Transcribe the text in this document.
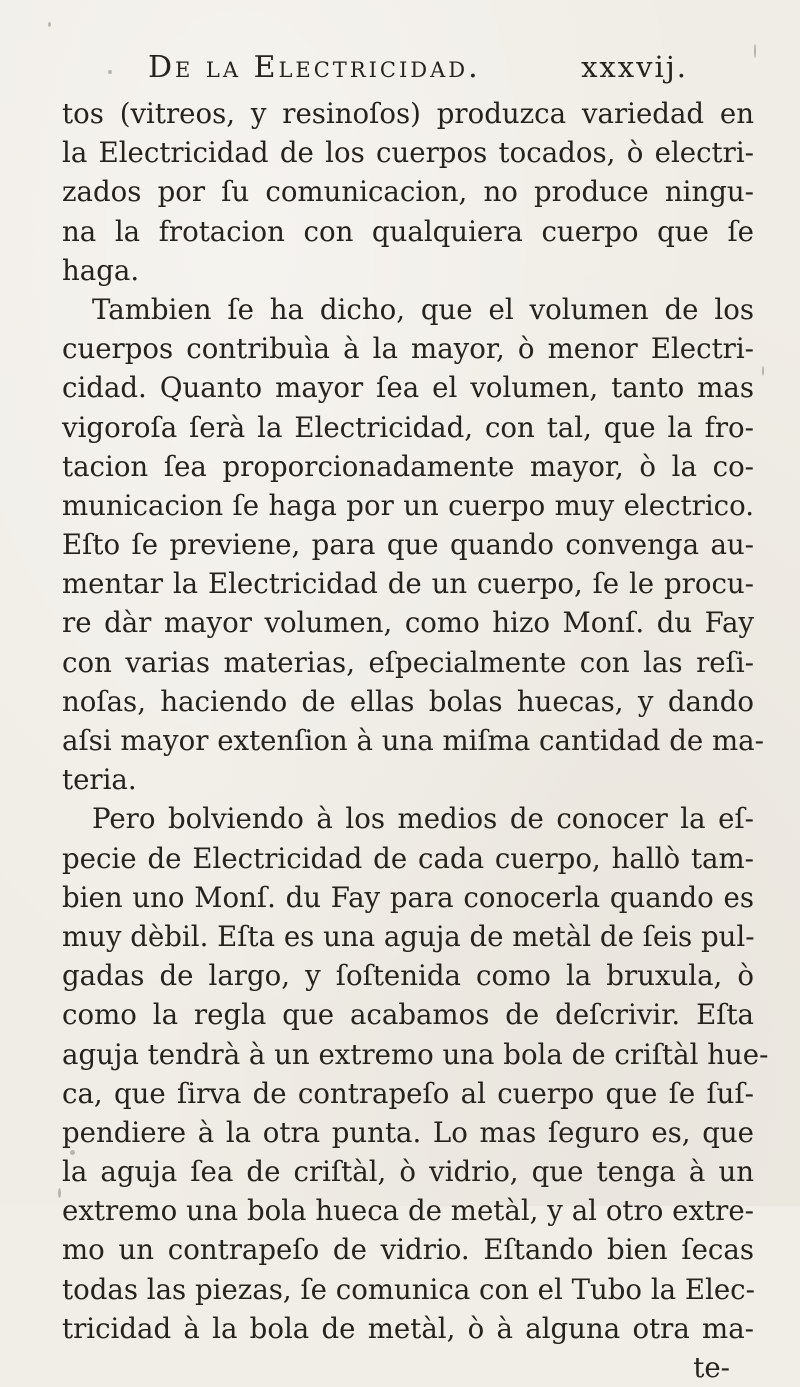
De la Electricidad.	xxxvij.
tos (vitreos, y resinoſos) produzca variedad en
la Electricidad de los cuerpos tocados, ò electri-
zados por ſu comunicacion, no produce ningu-
na la frotacion con qualquiera cuerpo que ſe
haga.
Tambien ſe ha dicho, que el volumen de los
cuerpos contribuìa à la mayor, ò menor Electri-
cidad. Quanto mayor ſea el volumen, tanto mas
vigoroſa ſerà la Electricidad, con tal, que la fro-
tacion ſea proporcionadamente mayor, ò la co-
municacion ſe haga por un cuerpo muy electrico.
Eſto ſe previene, para que quando convenga au-
mentar la Electricidad de un cuerpo, ſe le procu-
re dàr mayor volumen, como hizo Monſ. du Fay
con varias materias, eſpecialmente con las reſi-
noſas, haciendo de ellas bolas huecas, y dando
aſsi mayor extenſion à una miſma cantidad de ma-
teria.
Pero bolviendo à los medios de conocer la eſ-
pecie de Electricidad de cada cuerpo, hallò tam-
bien uno Monſ. du Fay para conocerla quando es
muy dèbil. Eſta es una aguja de metàl de ſeis pul-
gadas de largo, y ſoſtenida como la bruxula, ò
como la regla que acabamos de deſcrivir. Eſta
aguja tendrà à un extremo una bola de criſtàl hue-
ca, que ſirva de contrapeſo al cuerpo que ſe ſuſ-
pendiere à la otra punta. Lo mas ſeguro es, que
la aguja ſea de criſtàl, ò vidrio, que tenga à un
extremo una bola hueca de metàl, y al otro extre-
mo un contrapeſo de vidrio. Eſtando bien ſecas
todas las piezas, ſe comunica con el Tubo la Elec-
tricidad à la bola de metàl, ò à alguna otra ma-
te-
